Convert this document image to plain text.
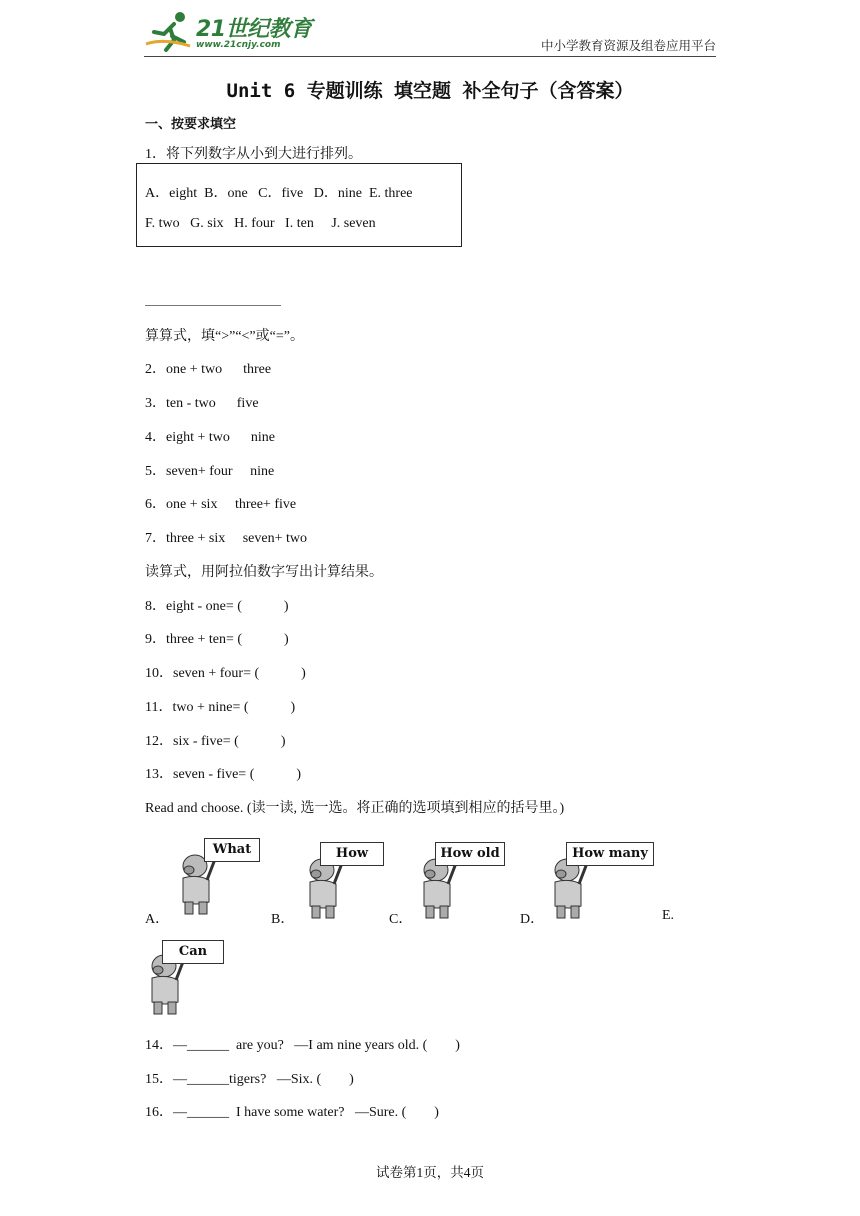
21世纪教育
www.21cnjy.com	中小学教育资源及组卷应用平台
Unit 6 专题训练 填空题 补全句子（含答案）
一、按要求填空
1．将下列数字从小到大进行排列。
A．eight  B．one   C．five   D．nine  E. three
F. two   G. six   H. four   I. ten     J. seven
算算式，填“>”“<”或“=”。
2．one + two      three
3．ten - two      five
4．eight + two      nine
5．seven+ four     nine
6．one + six     three+ five
7．three + six     seven+ two
读算式，用阿拉伯数字写出计算结果。
8．eight - one= (            )
9．three + ten= (            )
10．seven + four= (            )
11．two + nine= (            )
12．six - five= (            )
13．seven - five= (            )
Read and choose. (读一读, 选一选。将正确的选项填到相应的括号里。)
A．
What
B．
How
C．
How old
D．
How many
E.
Can
14．—______  are you?   —I am nine years old. (        )
15．—______tigers?   —Six. (        )
16．—______  I have some water?   —Sure. (        )
试卷第1页，共4页
